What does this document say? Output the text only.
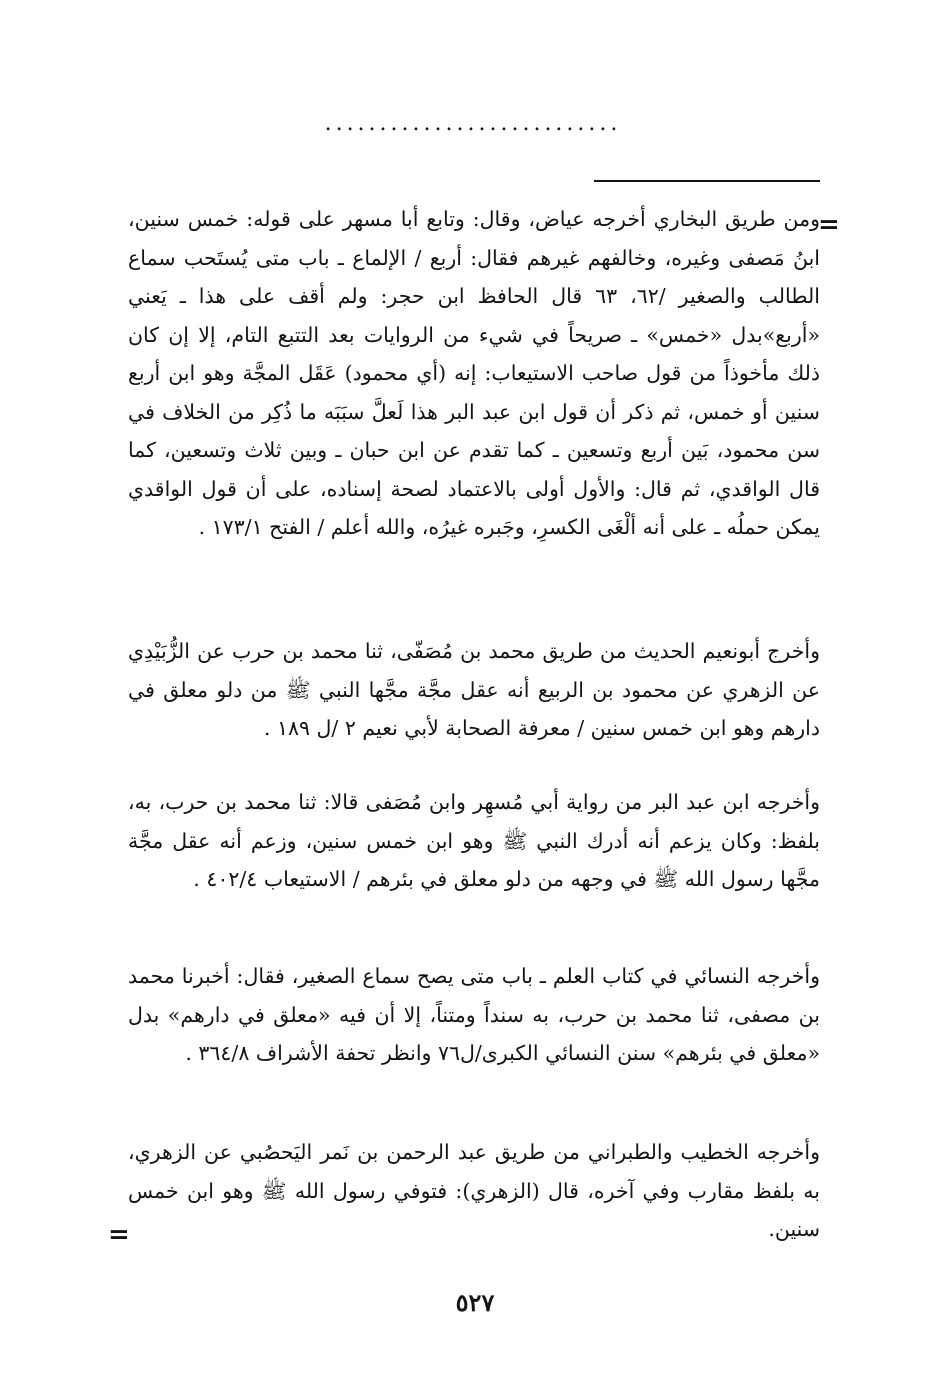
...........................
=

ومن طريق البخاري أخرجه عياض، وقال: وتابع أبا مسهر على قوله: خمس سنين، ابنُ مَصفى وغيره، وخالفهم غيرهم فقال: أربع / الإلماع ـ باب متى يُستَحب سماع الطالب والصغير /٦٢، ٦٣ قال الحافظ ابن حجر: ولم أقف على هذا ـ يَعني «أربع»بدل «خمس» ـ صريحاً في شيء من الروايات بعد التتبع التام، إلا إن كان ذلك مأخوذاً من قول صاحب الاستيعاب: إنه (أي محمود) عَقَل المجَّة وهو ابن أربع سنين أو خمس، ثم ذكر أن قول ابن عبد البر هذا لَعلَّ سبَبَه ما ذُكِر من الخلاف في سن محمود، بَين أربع وتسعين ـ كما تقدم عن ابن حبان ـ وبين ثلاث وتسعين، كما قال الواقدي، ثم قال: والأول أولى بالاعتماد لصحة إسناده، على أن قول الواقدي يمكن حملُه ـ على أنه ألْغَى الكسرِ، وجَبره غيرُه، والله أعلم / الفتح ١٧٣/١ .

وأخرج أبونعيم الحديث من طريق محمد بن مُصَفّى، ثنا محمد بن حرب عن الزُّبَيْدِي عن الزهري عن محمود بن الربيع أنه عقل مجَّة مجَّها النبي ﷺ من دلو معلق في دارهم وهو ابن خمس سنين / معرفة الصحابة لأبي نعيم ٢ /ل ١٨٩ .

وأخرجه ابن عبد البر من رواية أبي مُسهِر وابن مُصَفى قالا: ثنا محمد بن حرب، به، بلفظ: وكان يزعم أنه أدرك النبي ﷺ وهو ابن خمس سنين، وزعم أنه عقل مجَّة مجَّها رسول الله ﷺ في وجهه من دلو معلق في بئرهم / الاستيعاب ٤٠٢/٤ .

وأخرجه النسائي في كتاب العلم ـ باب متى يصح سماع الصغير، فقال: أخبرنا محمد بن مصفى، ثنا محمد بن حرب، به سنداً ومتناً، إلا أن فيه «معلق في دارهم» بدل «معلق في بئرهم» سنن النسائي الكبرى/ل٧٦ وانظر تحفة الأشراف ٣٦٤/٨ .

وأخرجه الخطيب والطبراني من طريق عبد الرحمن بن نَمر اليَحصُبي عن الزهري، به بلفظ مقارب وفي آخره، قال (الزهري): فتوفي رسول الله ﷺ وهو ابن خمس سنين.

=
٥٢٧
